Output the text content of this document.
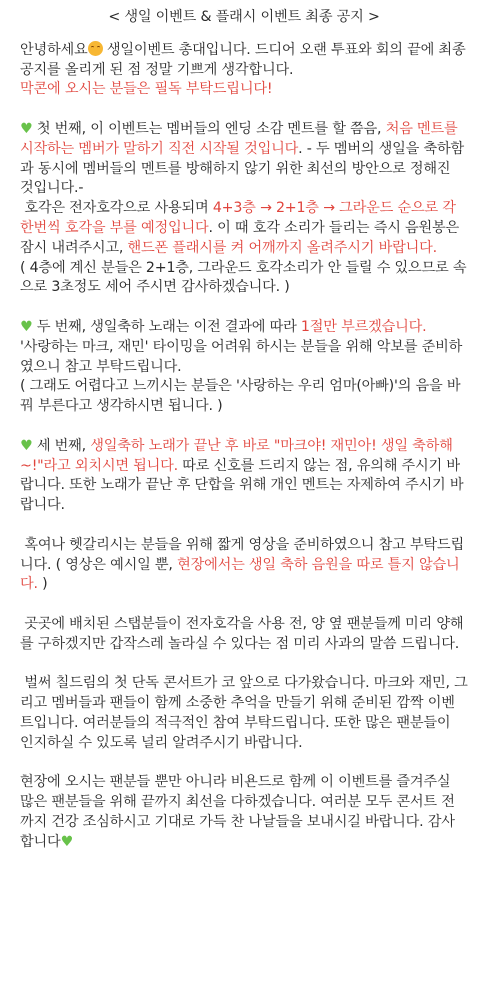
< 생일 이벤트 & 플래시 이벤트 최종 공지 >

안녕하세요 생일이벤트 총대입니다. 드디어 오랜 투표와 회의 끝에 최종 공지를 올리게 된 점 정말 기쁘게 생각합니다.
막콘에 오시는 분들은 필독 부탁드립니다!

♥ 첫 번째, 이 이벤트는 멤버들의 엔딩 소감 멘트를 할 쯤음, 처음 멘트를 시작하는 멤버가 말하기 직전 시작될 것입니다. - 두 멤버의 생일을 축하함과 동시에 멤버들의 멘트를 방해하지 않기 위한 최선의 방안으로 정해진 것입니다.-
호각은 전자호각으로 사용되며 4+3층 → 2+1층 → 그라운드 순으로 각 한번씩 호각을 부를 예정입니다. 이 때 호각 소리가 들리는 즉시 음원봉은 잠시 내려주시고, 핸드폰 플래시를 켜 어깨까지 올려주시기 바랍니다.
( 4층에 계신 분들은 2+1층, 그라운드 호각소리가 안 들릴 수 있으므로 속으로 3초정도 세어 주시면 감사하겠습니다. )

♥ 두 번째, 생일축하 노래는 이전 결과에 따라 1절만 부르겠습니다.
'사랑하는 마크, 재민' 타이밍을 어려워 하시는 분들을 위해 악보를 준비하였으니 참고 부탁드립니다.
( 그래도 어렵다고 느끼시는 분들은 '사랑하는 우리 엄마(아빠)'의 음을 바꿔 부른다고 생각하시면 됩니다. )

♥ 세 번째, 생일축하 노래가 끝난 후 바로 "마크야! 재민아! 생일 축하해~!"라고 외치시면 됩니다. 따로 신호를 드리지 않는 점, 유의해 주시기 바랍니다. 또한 노래가 끝난 후 단합을 위해 개인 멘트는 자제하여 주시기 바랍니다.

혹여나 헷갈리시는 분들을 위해 짧게 영상을 준비하였으니 참고 부탁드립니다. ( 영상은 예시일 뿐, 현장에서는 생일 축하 음원을 따로 틀지 않습니다. )

곳곳에 배치된 스탭분들이 전자호각을 사용 전, 양 옆 팬분들께 미리 양해를 구하겠지만 갑작스레 놀라실 수 있다는 점 미리 사과의 말씀 드립니다.

벌써 칠드림의 첫 단독 콘서트가 코 앞으로 다가왔습니다. 마크와 재민, 그리고 멤버들과 팬들이 함께 소중한 추억을 만들기 위해 준비된 깜짝 이벤트입니다. 여러분들의 적극적인 참여 부탁드립니다. 또한 많은 팬분들이 인지하실 수 있도록 널리 알려주시기 바랍니다.

현장에 오시는 팬분들 뿐만 아니라 비욘드로 함께 이 이벤트를 즐겨주실 많은 팬분들을 위해 끝까지 최선을 다하겠습니다. 여러분 모두 콘서트 전까지 건강 조심하시고 기대로 가득 찬 나날들을 보내시길 바랍니다. 감사합니다♥
